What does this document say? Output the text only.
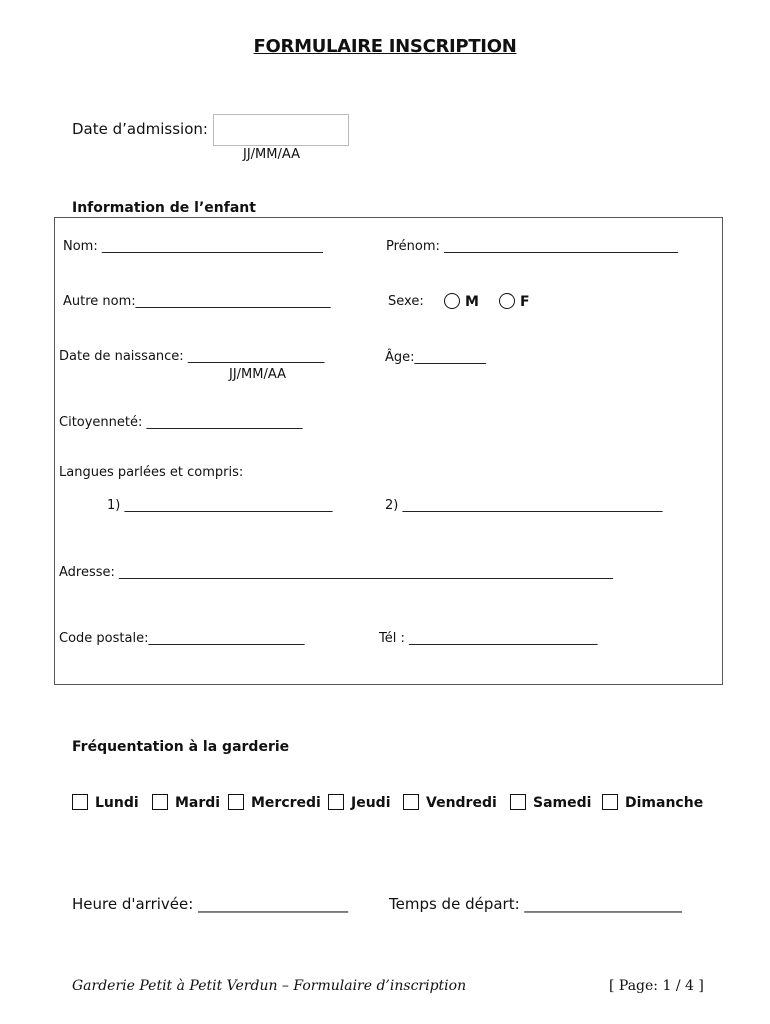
FORMULAIRE INSCRIPTION
Date d’admission:
JJ/MM/AA
Information de l’enfant
Nom: __________________________________	Prénom: ____________________________________
Autre nom:______________________________	Sexe:	M	F
Date de naissance: _____________________
JJ/MM/AA
Âge:___________
Citoyenneté: ________________________
Langues parlées et compris:
1) ________________________________	2) ________________________________________
Adresse: ____________________________________________________________________________
Code postale:________________________	Tél : _____________________________
Fréquentation à la garderie
Lundi	Mardi	Mercredi	Jeudi	Vendredi	Samedi	Dimanche
Heure d'arrivée: ____________________	Temps de départ: _____________________
Garderie Petit à Petit Verdun – Formulaire d’inscription	[ Page: 1 / 4 ]
